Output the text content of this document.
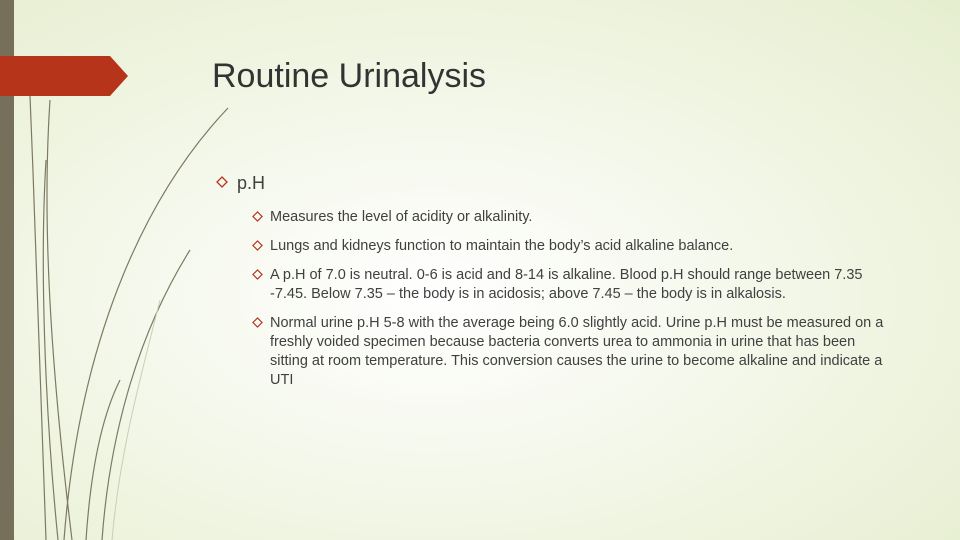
Routine Urinalysis
p.H
Measures the level of acidity or alkalinity.
Lungs and kidneys function to maintain the body’s acid alkaline balance.
A p.H of 7.0 is neutral. 0-6 is acid and 8-14 is alkaline. Blood p.H should range between 7.35 -7.45. Below 7.35 – the body is in acidosis; above 7.45 – the body is in alkalosis.
Normal urine p.H 5-8 with the average being 6.0 slightly acid. Urine p.H must be measured on a freshly voided specimen because bacteria converts urea to ammonia in urine that has been sitting at room temperature. This conversion causes the urine to become alkaline and indicate a UTI
